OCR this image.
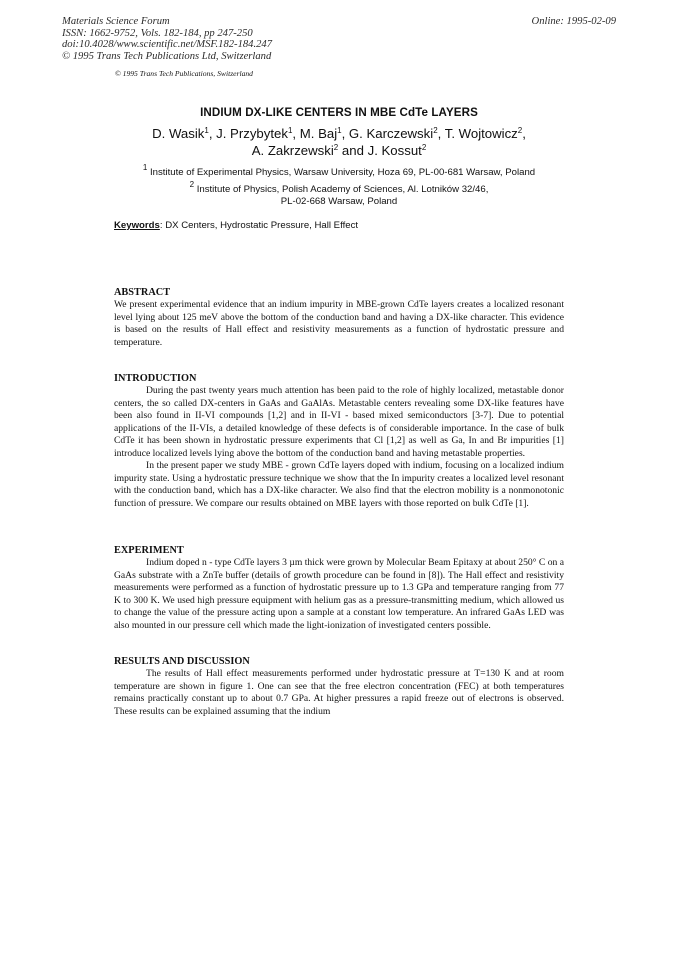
Materials Science Forum
ISSN: 1662-9752, Vols. 182-184, pp 247-250
doi:10.4028/www.scientific.net/MSF.182-184.247
© 1995 Trans Tech Publications Ltd, Switzerland
Online: 1995-02-09
© 1995 Trans Tech Publications, Switzerland
INDIUM DX-LIKE CENTERS IN MBE CdTe LAYERS
D. Wasik$^1$, J. Przybytek$^1$, M. Baj$^1$, G. Karczewski$^2$, T. Wojtowicz$^2$,
A. Zakrzewski$^2$ and J. Kossut$^2$
$^1$ Institute of Experimental Physics, Warsaw University, Hoza 69, PL-00-681 Warsaw, Poland
$^2$ Institute of Physics, Polish Academy of Sciences, Al. Lotników 32/46,
PL-02-668 Warsaw, Poland
Keywords: DX Centers, Hydrostatic Pressure, Hall Effect
ABSTRACT

We present experimental evidence that an indium impurity in MBE-grown CdTe layers creates a localized resonant level lying about 125 meV above the bottom of the conduction band and having a DX-like character. This evidence is based on the results of Hall effect and resistivity measurements as a function of hydrostatic pressure and temperature.

INTRODUCTION

During the past twenty years much attention has been paid to the role of highly localized, metastable donor centers, the so called DX-centers in GaAs and GaAlAs. Metastable centers revealing some DX-like features have been also found in II-VI compounds [1,2] and in II-VI - based mixed semiconductors [3-7]. Due to potential applications of the II-VIs, a detailed knowledge of these defects is of considerable importance. In the case of bulk CdTe it has been shown in hydrostatic pressure experiments that Cl [1,2] as well as Ga, In and Br impurities [1] introduce localized levels lying above the bottom of the conduction band and having metastable properties.

In the present paper we study MBE - grown CdTe layers doped with indium, focusing on a localized indium impurity state. Using a hydrostatic pressure technique we show that the In impurity creates a localized level resonant with the conduction band, which has a DX-like character. We also find that the electron mobility is a nonmonotonic function of pressure. We compare our results obtained on MBE layers with those reported on bulk CdTe [1].

EXPERIMENT

Indium doped n - type CdTe layers 3 µm thick were grown by Molecular Beam Epitaxy at about 250° C on a GaAs substrate with a ZnTe buffer (details of growth procedure can be found in [8]). The Hall effect and resistivity measurements were performed as a function of hydrostatic pressure up to 1.3 GPa and temperature ranging from 77 K to 300 K. We used high pressure equipment with helium gas as a pressure-transmitting medium, which allowed us to change the value of the pressure acting upon a sample at a constant low temperature. An infrared GaAs LED was also mounted in our pressure cell which made the light-ionization of investigated centers possible.

RESULTS AND DISCUSSION

The results of Hall effect measurements performed under hydrostatic pressure at T=130 K and at room temperature are shown in figure 1. One can see that the free electron concentration (FEC) at both temperatures remains practically constant up to about 0.7 GPa. At higher pressures a rapid freeze out of electrons is observed. These results can be explained assuming that the indium
